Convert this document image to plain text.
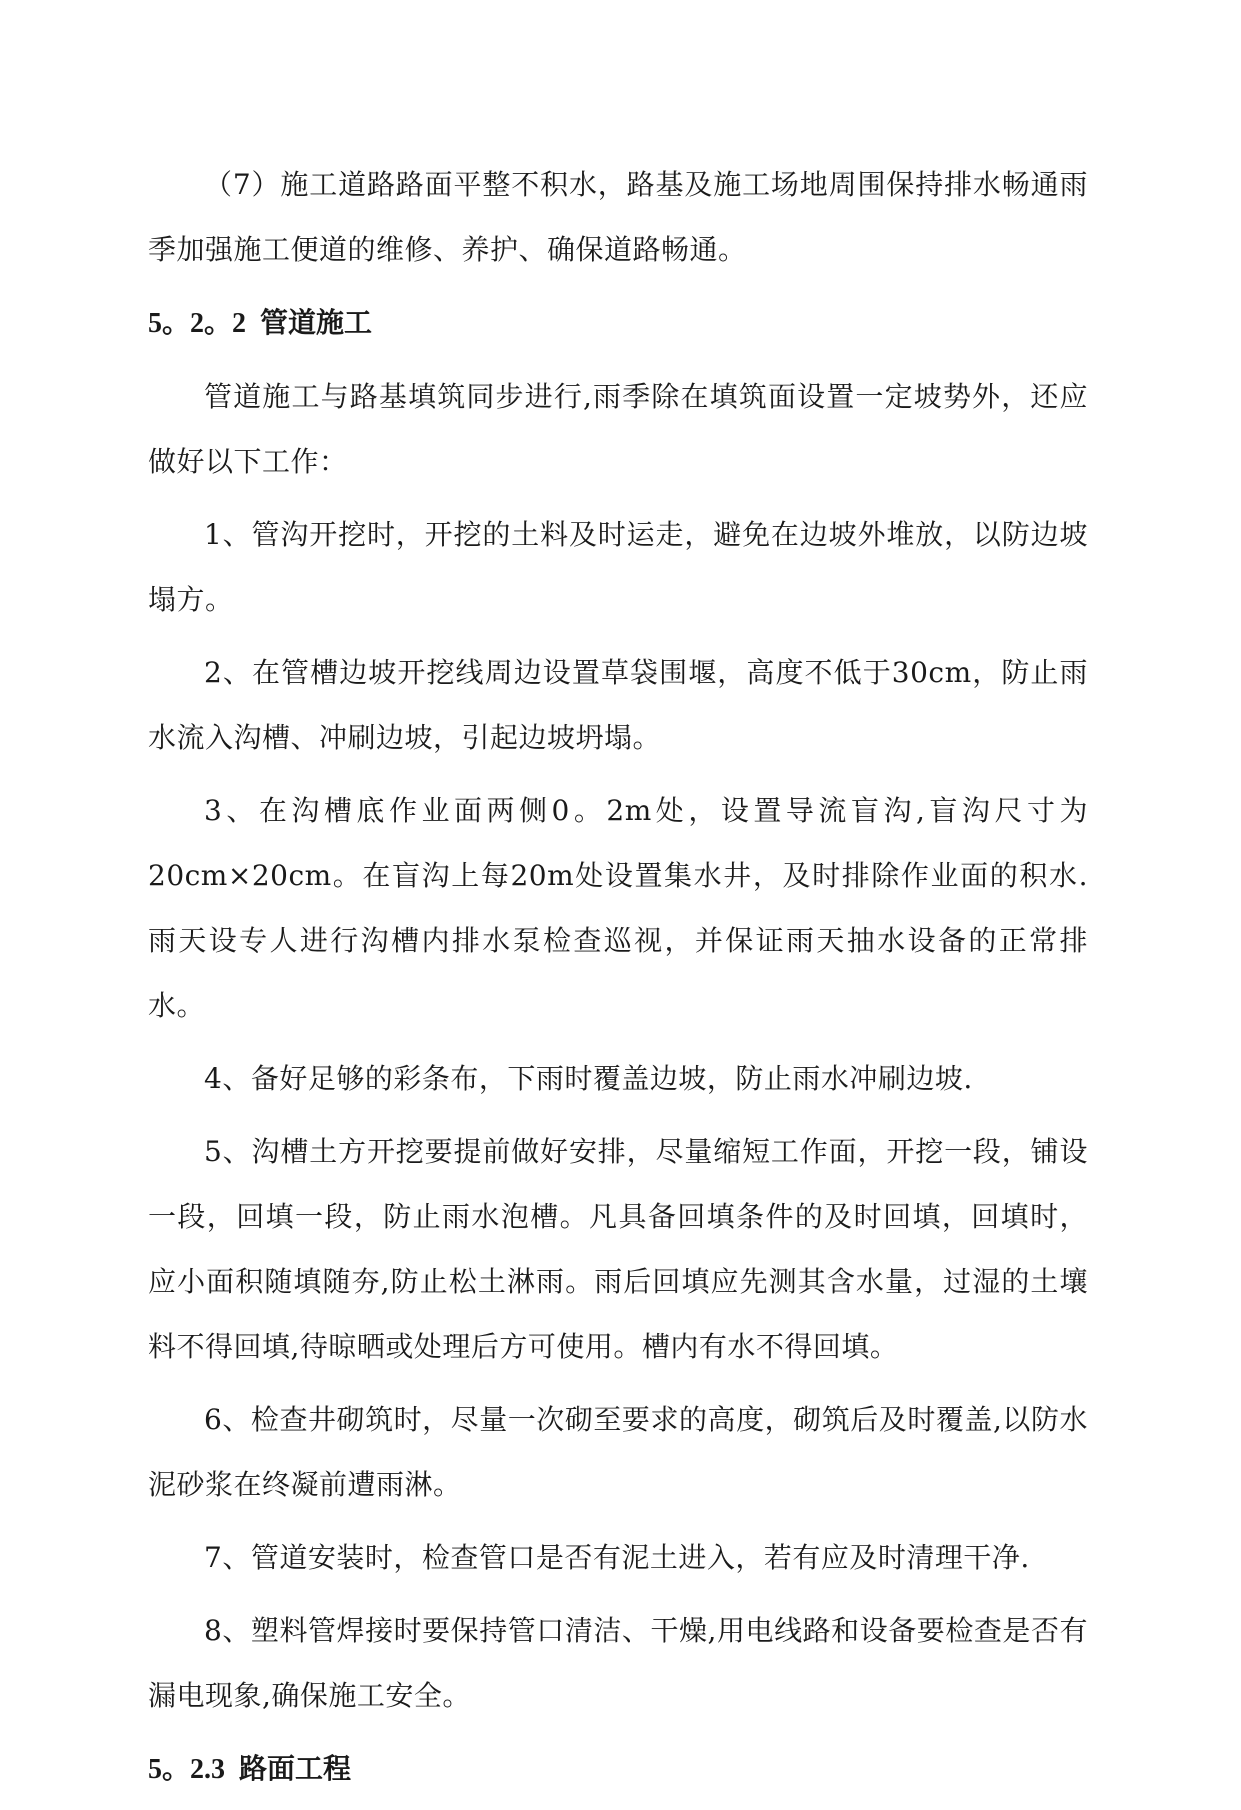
（7）施工道路路面平整不积水，路基及施工场地周围保持排水畅通雨季加强施工便道的维修、养护、确保道路畅通。

5。2。2 管道施工

管道施工与路基填筑同步进行,雨季除在填筑面设置一定坡势外，还应做好以下工作：

1、管沟开挖时，开挖的土料及时运走，避免在边坡外堆放，以防边坡塌方。

2、在管槽边坡开挖线周边设置草袋围堰，高度不低于30cm，防止雨水流入沟槽、冲刷边坡，引起边坡坍塌。

3、在沟槽底作业面两侧0。2m处，设置导流盲沟,盲沟尺寸为20cm×20cm。在盲沟上每20m处设置集水井，及时排除作业面的积水.雨天设专人进行沟槽内排水泵检查巡视，并保证雨天抽水设备的正常排水。

4、备好足够的彩条布，下雨时覆盖边坡，防止雨水冲刷边坡.

5、沟槽土方开挖要提前做好安排，尽量缩短工作面，开挖一段，铺设一段，回填一段，防止雨水泡槽。凡具备回填条件的及时回填，回填时，应小面积随填随夯,防止松土淋雨。雨后回填应先测其含水量，过湿的土壤料不得回填,待晾晒或处理后方可使用。槽内有水不得回填。

6、检查井砌筑时，尽量一次砌至要求的高度，砌筑后及时覆盖,以防水泥砂浆在终凝前遭雨淋。

7、管道安装时，检查管口是否有泥土进入，若有应及时清理干净.

8、塑料管焊接时要保持管口清洁、干燥,用电线路和设备要检查是否有漏电现象,确保施工安全。

5。2.3 路面工程
